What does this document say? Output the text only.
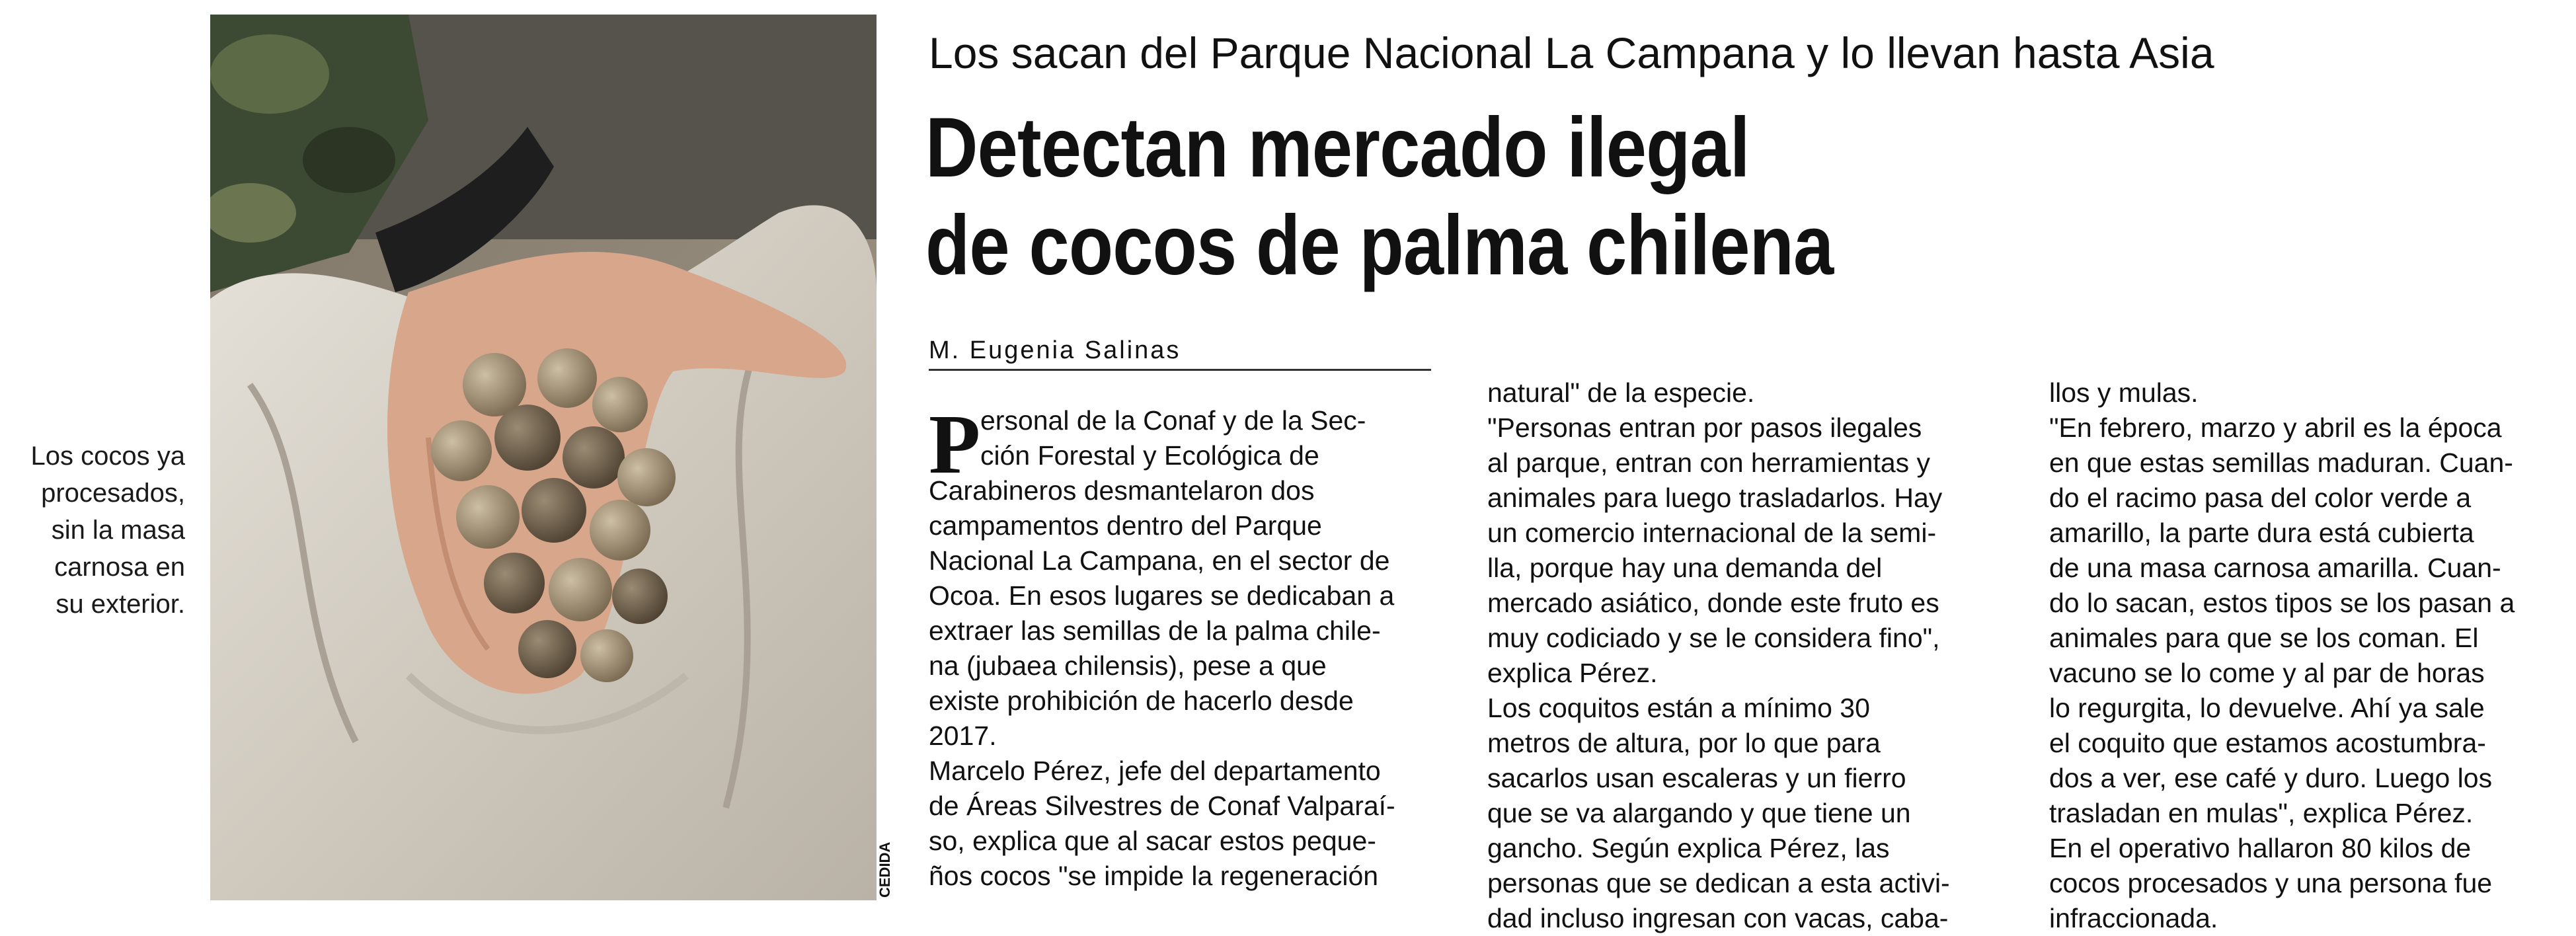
Los cocos ya
procesados,
sin la masa
carnosa en
su exterior.
CEDIDA
Los sacan del Parque Nacional La Campana y lo llevan hasta Asia
Detectan mercado ilegal
de cocos de palma chilena
M. Eugenia Salinas
P ersonal de la Conaf y de la Sec-
ción Forestal y Ecológica de
Carabineros desmantelaron dos
campamentos dentro del Parque
Nacional La Campana, en el sector de
Ocoa. En esos lugares se dedicaban a
extraer las semillas de la palma chile-
na (jubaea chilensis), pese a que
existe prohibición de hacerlo desde
2017.
Marcelo Pérez, jefe del departamento
de Áreas Silvestres de Conaf Valparaí-
so, explica que al sacar estos peque-
ños cocos "se impide la regeneración
natural" de la especie.
"Personas entran por pasos ilegales
al parque, entran con herramientas y
animales para luego trasladarlos. Hay
un comercio internacional de la semi-
lla, porque hay una demanda del
mercado asiático, donde este fruto es
muy codiciado y se le considera fino",
explica Pérez.
Los coquitos están a mínimo 30
metros de altura, por lo que para
sacarlos usan escaleras y un fierro
que se va alargando y que tiene un
gancho. Según explica Pérez, las
personas que se dedican a esta activi-
dad incluso ingresan con vacas, caba-
llos y mulas.
"En febrero, marzo y abril es la época
en que estas semillas maduran. Cuan-
do el racimo pasa del color verde a
amarillo, la parte dura está cubierta
de una masa carnosa amarilla. Cuan-
do lo sacan, estos tipos se los pasan a
animales para que se los coman. El
vacuno se lo come y al par de horas
lo regurgita, lo devuelve. Ahí ya sale
el coquito que estamos acostumbra-
dos a ver, ese café y duro. Luego los
trasladan en mulas", explica Pérez.
En el operativo hallaron 80 kilos de
cocos procesados y una persona fue
infraccionada.
